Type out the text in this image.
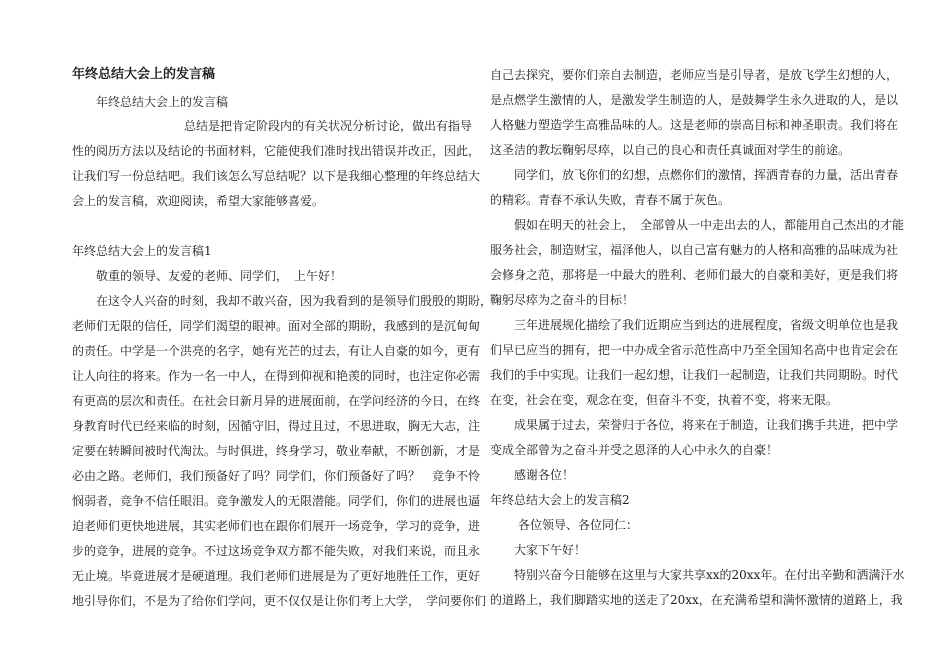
年终总结大会上的发言稿
年终总结大会上的发言稿
总结是把肯定阶段内的有关状况分析讨论，做出有指导
性的阅历方法以及结论的书面材料，它能使我们准时找出错误并改正，因此，
让我们写一份总结吧。我们该怎么写总结呢？以下是我细心整理的年终总结大
会上的发言稿，欢迎阅读，希望大家能够喜爱。
年终总结大会上的发言稿1
敬重的领导、友爱的老师、同学们，　上午好！
在这令人兴奋的时刻，我却不敢兴奋，因为我看到的是领导们殷殷的期盼，
老师们无限的信任，同学们渴望的眼神。面对全部的期盼，我感到的是沉甸甸
的责任。中学是一个洪亮的名字，她有光芒的过去，有让人自豪的如今，更有
让人向往的将来。作为一名一中人，在得到仰视和艳羡的同时，也注定你必需
有更高的层次和责任。在社会日新月异的进展面前，在学问经济的今日，在终
身教育时代已经来临的时刻，因循守旧，得过且过，不思进取，胸无大志，注
定要在转瞬间被时代淘汰。与时俱进，终身学习，敬业奉献，不断创新，才是
必由之路。老师们，我们预备好了吗？同学们，你们预备好了吗？　竞争不怜
悯弱者，竞争不信任眼泪。竞争激发人的无限潜能。同学们，你们的进展也逼
迫老师们更快地进展，其实老师们也在跟你们展开一场竞争，学习的竞争，进
步的竞争，进展的竞争。不过这场竞争双方都不能失败，对我们来说，而且永
无止境。毕竟进展才是硬道理。我们老师们进展是为了更好地胜任工作，更好
地引导你们，不是为了给你们学问，更不仅仅是让你们考上大学，　学问要你们
自己去探究，要你们亲自去制造，老师应当是引导者，是放飞学生幻想的人，
是点燃学生激情的人，是激发学生制造的人，是鼓舞学生永久进取的人，是以
人格魅力塑造学生高雅品味的人。这是老师的崇高目标和神圣职责。我们将在
这圣洁的教坛鞠躬尽瘁，以自己的良心和责任真诚面对学生的前途。
同学们，放飞你们的幻想，点燃你们的激情，挥洒青春的力量，活出青春
的精彩。青春不承认失败，青春不属于灰色。
假如在明天的社会上，　全部曾从一中走出去的人，都能用自己杰出的才能
服务社会，制造财宝，福泽他人，以自己富有魅力的人格和高雅的品味成为社
会修身之范，那将是一中最大的胜利、老师们最大的自豪和美好，更是我们将
鞠躬尽瘁为之奋斗的目标！
三年进展规化描绘了我们近期应当到达的进展程度，省级文明单位也是我
们早已应当的拥有，把一中办成全省示范性高中乃至全国知名高中也肯定会在
我们的手中实现。让我们一起幻想，让我们一起制造，让我们共同期盼。时代
在变，社会在变，观念在变，但奋斗不变，执着不变，将来无限。
成果属于过去，荣誉归于各位，将来在于制造，让我们携手共进，把中学
变成全部曾为之奋斗并受之恩泽的人心中永久的自豪！
感谢各位！
年终总结大会上的发言稿2
各位领导、各位同仁：
大家下午好！
特别兴奋今日能够在这里与大家共享xx的20xx年。在付出辛勤和洒满汗水
的道路上，我们脚踏实地的送走了20xx，在充满希望和满怀激情的道路上，我
